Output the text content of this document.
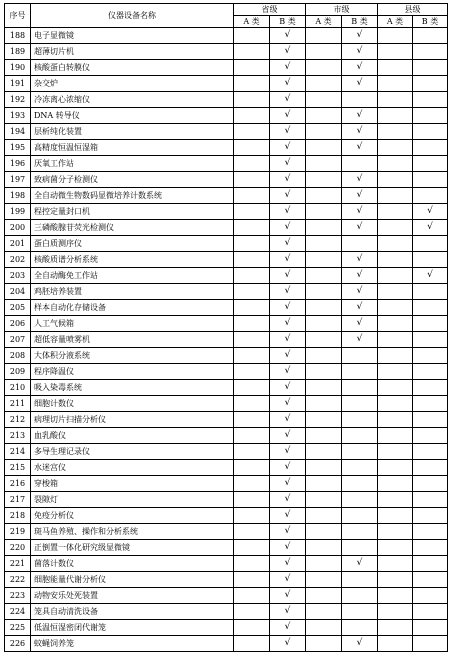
序号	仪器设备名称	省级		市级		县级	
		A 类	B 类	A 类	B 类	A 类	B 类
188	电子显微镜		√		√		
189	超薄切片机		√		√		
190	核酸蛋白转膜仪		√		√		
191	杂交炉		√		√		
192	冷冻离心浓缩仪		√				
193	DNA 转导仪		√		√		
194	层析纯化装置		√		√		
195	高精度恒温恒湿箱		√		√		
196	厌氧工作站		√				
197	致病菌分子检测仪		√		√		
198	全自动微生物数码显微培养计数系统		√		√		
199	程控定量封口机		√		√		√
200	三磷酸腺苷荧光检测仪		√		√		√
201	蛋白质测序仪		√				
202	核酸质谱分析系统		√		√		
203	全自动酶免工作站		√		√		√
204	鸡胚培养装置		√		√		
205	样本自动化存储设备		√		√		
206	人工气候箱		√		√		
207	超低容量喷雾机		√		√		
208	大体积分液系统		√				
209	程序降温仪		√				
210	吸入染毒系统		√				
211	细胞计数仪		√				
212	病理切片扫描分析仪		√				
213	血乳酸仪		√				
214	多导生理记录仪		√				
215	水迷宫仪		√				
216	穿梭箱		√				
217	裂隙灯		√				
218	免疫分析仪		√				
219	斑马鱼养殖、操作和分析系统		√				
220	正倒置一体化研究级显微镜		√				
221	菌落计数仪		√		√		
222	细胞能量代谢分析仪		√				
223	动物安乐处死装置		√				
224	笼具自动清洗设备		√				
225	低温恒湿密闭代谢笼		√				
226	蚊蝇饲养笼		√		√		
